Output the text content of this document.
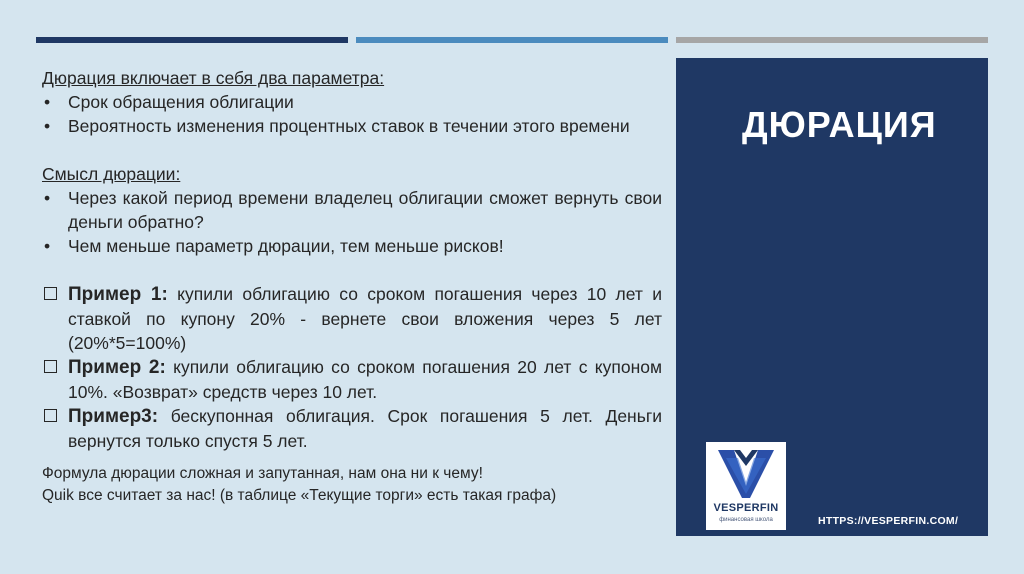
Дюрация включает в себя два параметра:

• Срок обращения облигации
• Вероятность изменения процентных ставок в течении этого времени

Смысл дюрации:

• Через какой период времени владелец облигации сможет вернуть свои деньги обратно?
• Чем меньше параметр дюрации, тем меньше рисков!
Пример 1: купили облигацию со сроком погашения через 10 лет и ставкой по купону 20% - вернете свои вложения через 5 лет (20%*5=100%)
Пример 2: купили облигацию со сроком погашения 20 лет с купоном 10%. «Возврат» средств через 10 лет.
Пример3: бескупонная облигация. Срок погашения 5 лет. Деньги вернутся только спустя 5 лет.
Формула дюрации сложная и запутанная, нам она ни к чему!
Quik все считает за нас! (в таблице «Текущие торги» есть такая графа)
ДЮРАЦИЯ
VESPERFIN
финансовая школа	HTTPS://VESPERFIN.COM/
